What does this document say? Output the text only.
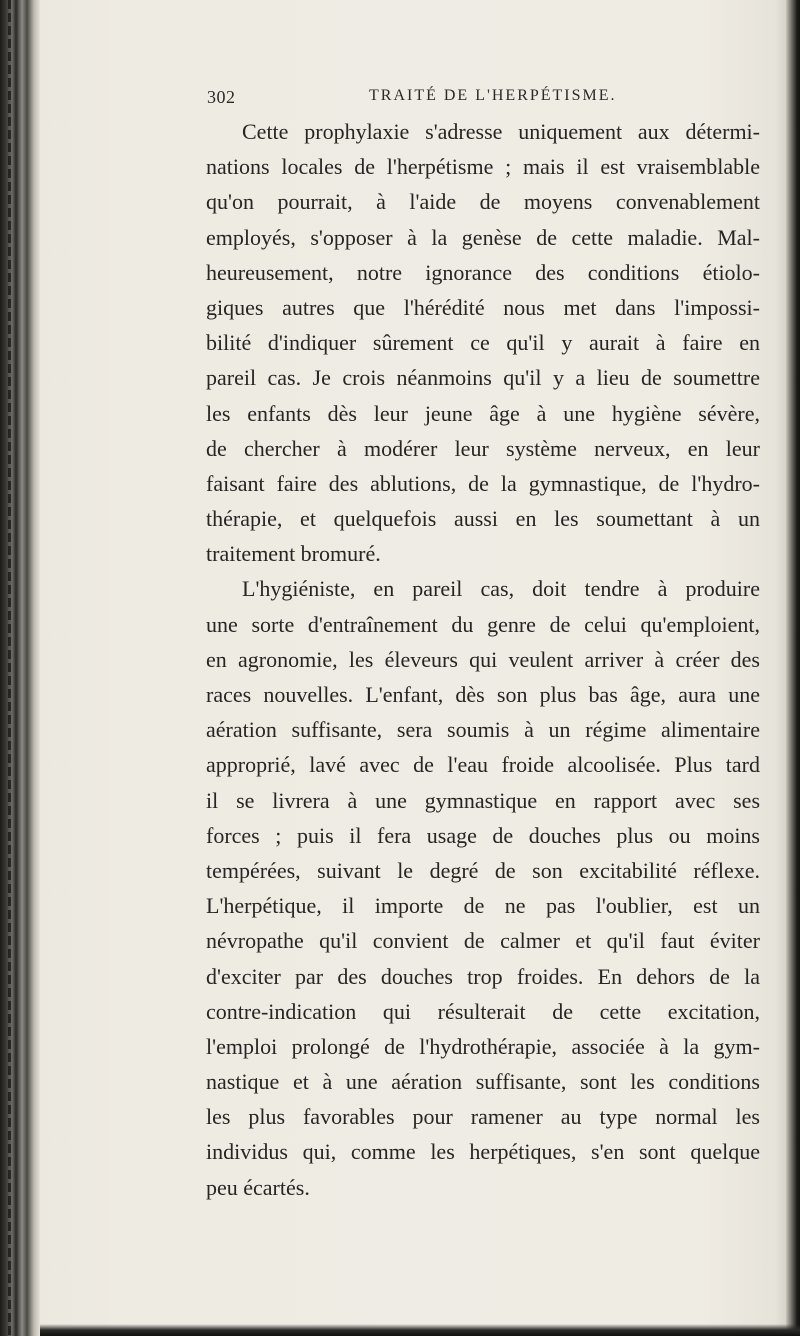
302	TRAITÉ DE L'HERPÉTISME.
Cette prophylaxie s'adresse uniquement aux détermi-
nations locales de l'herpétisme ; mais il est vraisemblable
qu'on pourrait, à l'aide de moyens convenablement
employés, s'opposer à la genèse de cette maladie. Mal-
heureusement, notre ignorance des conditions étiolo-
giques autres que l'hérédité nous met dans l'impossi-
bilité d'indiquer sûrement ce qu'il y aurait à faire en
pareil cas. Je crois néanmoins qu'il y a lieu de soumettre
les enfants dès leur jeune âge à une hygiène sévère,
de chercher à modérer leur système nerveux, en leur
faisant faire des ablutions, de la gymnastique, de l'hydro-
thérapie, et quelquefois aussi en les soumettant à un
traitement bromuré.
L'hygiéniste, en pareil cas, doit tendre à produire
une sorte d'entraînement du genre de celui qu'emploient,
en agronomie, les éleveurs qui veulent arriver à créer des
races nouvelles. L'enfant, dès son plus bas âge, aura une
aération suffisante, sera soumis à un régime alimentaire
approprié, lavé avec de l'eau froide alcoolisée. Plus tard
il se livrera à une gymnastique en rapport avec ses
forces ; puis il fera usage de douches plus ou moins
tempérées, suivant le degré de son excitabilité réflexe.
L'herpétique, il importe de ne pas l'oublier, est un
névropathe qu'il convient de calmer et qu'il faut éviter
d'exciter par des douches trop froides. En dehors de la
contre-indication qui résulterait de cette excitation,
l'emploi prolongé de l'hydrothérapie, associée à la gym-
nastique et à une aération suffisante, sont les conditions
les plus favorables pour ramener au type normal les
individus qui, comme les herpétiques, s'en sont quelque
peu écartés.
